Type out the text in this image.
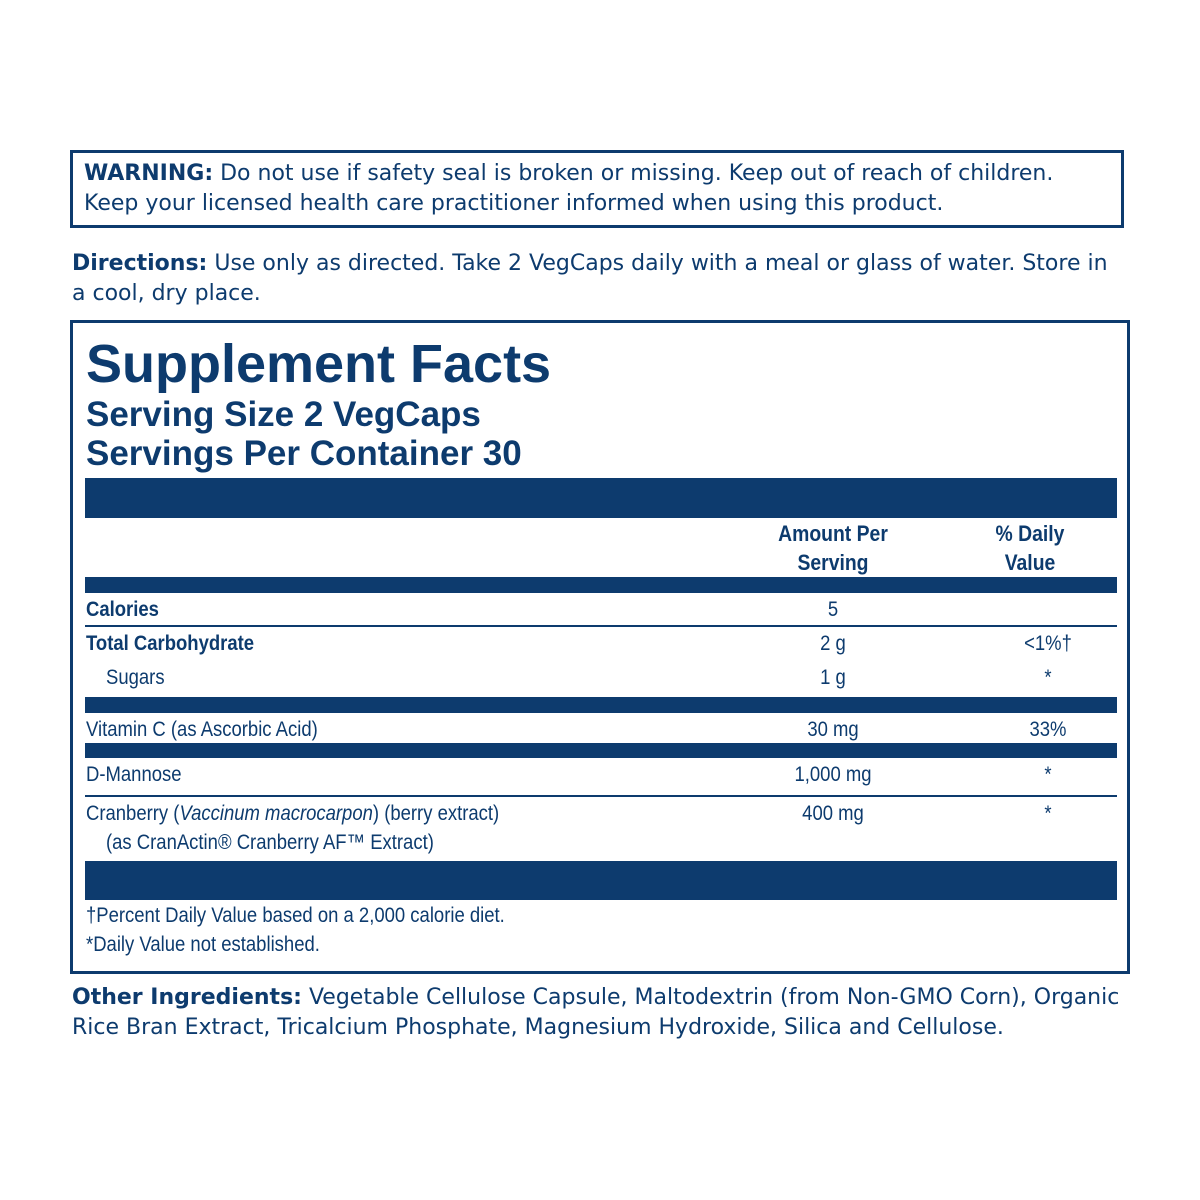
WARNING: Do not use if safety seal is broken or missing. Keep out of reach of children. Keep your licensed health care practitioner informed when using this product.
Directions: Use only as directed. Take 2 VegCaps daily with a meal or glass of water. Store in a cool, dry place.
Supplement Facts
Serving Size 2 VegCaps
Servings Per Container 30
Amount Per
Serving
% Daily
Value
Calories	5
Total Carbohydrate	2 g	<1%†
Sugars	1 g	*
Vitamin C (as Ascorbic Acid)	30 mg	33%
D-Mannose	1,000 mg	*
Cranberry (Vaccinum macrocarpon) (berry extract)
(as CranActin® Cranberry AF™ Extract)
400 mg	*
†Percent Daily Value based on a 2,000 calorie diet.
*Daily Value not established.
Other Ingredients: Vegetable Cellulose Capsule, Maltodextrin (from Non-GMO Corn), Organic Rice Bran Extract, Tricalcium Phosphate, Magnesium Hydroxide, Silica and Cellulose.
